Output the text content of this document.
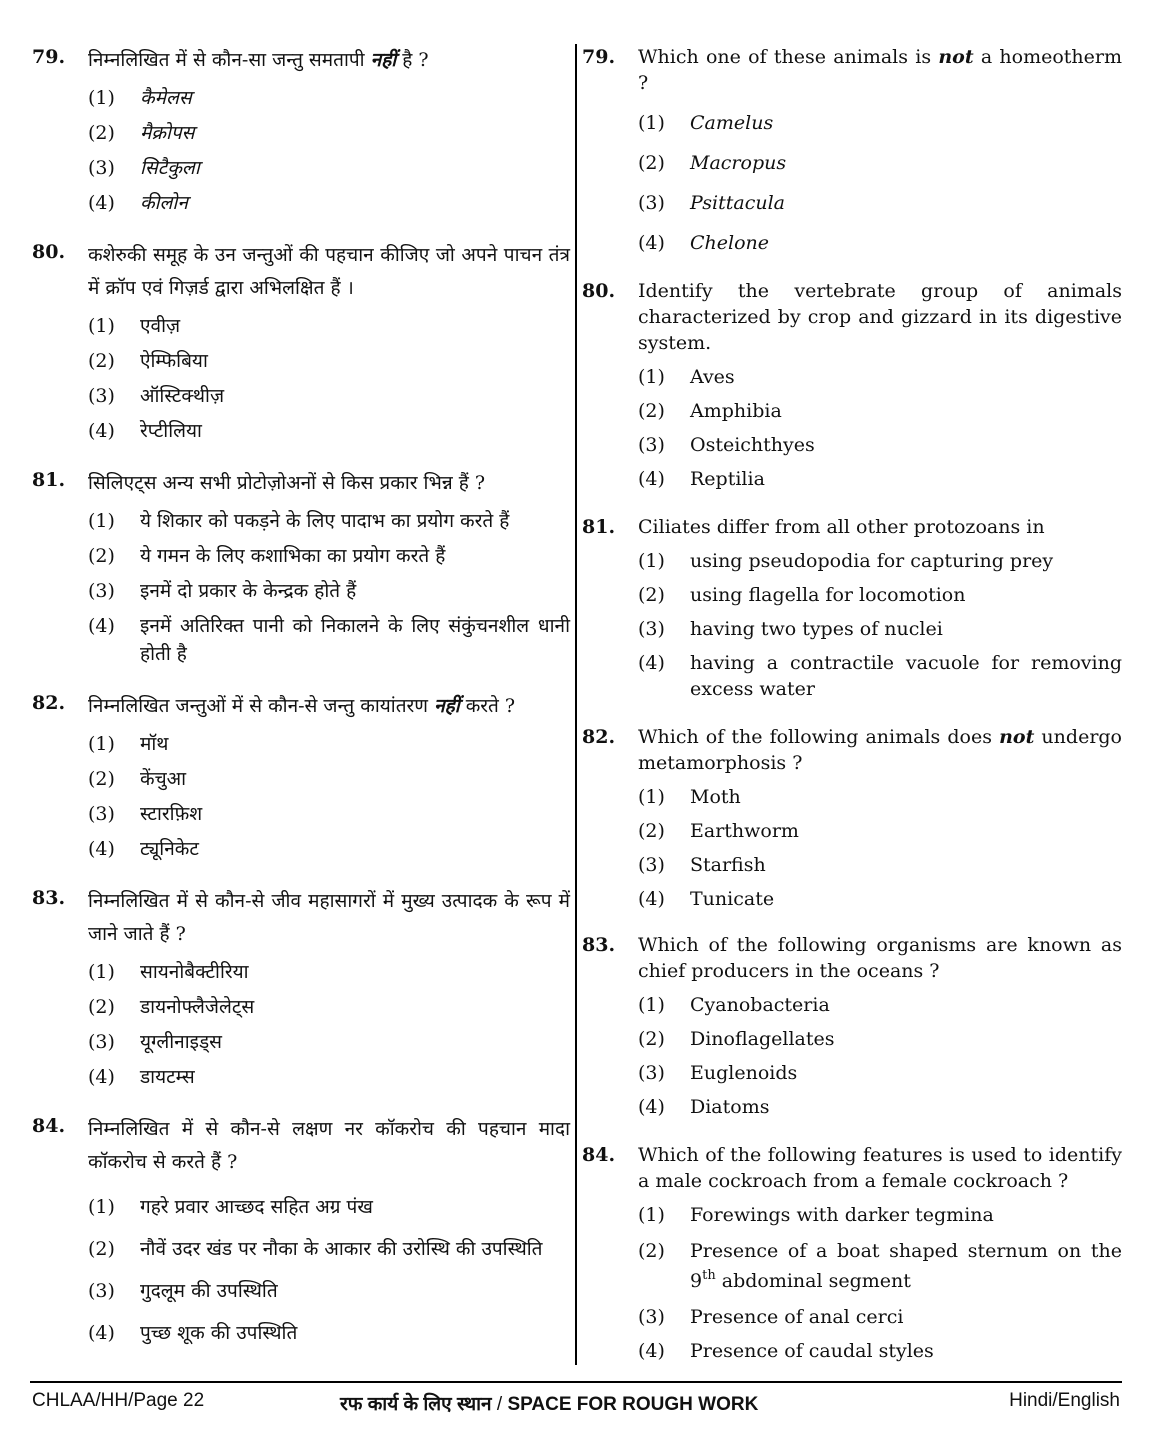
79.	निम्नलिखित में से कौन-सा जन्तु समतापी नहीं है ?
(1)	कैमेलस
(2)	मैक्रोपस
(3)	सिटैकुला
(4)	कीलोन
80.	कशेरुकी समूह के उन जन्तुओं की पहचान कीजिए जो अपने पाचन तंत्र में क्रॉप एवं गिज़र्ड द्वारा अभिलक्षित हैं ।
(1)	एवीज़
(2)	ऐम्फिबिया
(3)	ऑस्टिक्थीज़
(4)	रेप्टीलिया
81.	सिलिएट्स अन्य सभी प्रोटोज़ोअनों से किस प्रकार भिन्न हैं ?
(1)	ये शिकार को पकड़ने के लिए पादाभ का प्रयोग करते हैं
(2)	ये गमन के लिए कशाभिका का प्रयोग करते हैं
(3)	इनमें दो प्रकार के केन्द्रक होते हैं
(4)	इनमें अतिरिक्त पानी को निकालने के लिए संकुंचनशील धानी होती है
82.	निम्नलिखित जन्तुओं में से कौन-से जन्तु कायांतरण नहीं करते ?
(1)	मॉथ
(2)	केंचुआ
(3)	स्टारफ़िश
(4)	ट्यूनिकेट
83.	निम्नलिखित में से कौन-से जीव महासागरों में मुख्य उत्पादक के रूप में जाने जाते हैं ?
(1)	सायनोबैक्टीरिया
(2)	डायनोफ्लैजेलेट्स
(3)	यूग्लीनाइड्स
(4)	डायटम्स
84.	निम्नलिखित में से कौन-से लक्षण नर कॉकरोच की पहचान मादा कॉकरोच से करते हैं ?
(1)	गहरे प्रवार आच्छद सहित अग्र पंख
(2)	नौवें उदर खंड पर नौका के आकार की उरोस्थि की उपस्थिति
(3)	गुदलूम की उपस्थिति
(4)	पुच्छ शूक की उपस्थिति
79.	Which one of these animals is not a homeotherm ?
(1)	Camelus
(2)	Macropus
(3)	Psittacula
(4)	Chelone
80.	Identify the vertebrate group of animals characterized by crop and gizzard in its digestive system.
(1)	Aves
(2)	Amphibia
(3)	Osteichthyes
(4)	Reptilia
81.	Ciliates differ from all other protozoans in
(1)	using pseudopodia for capturing prey
(2)	using flagella for locomotion
(3)	having two types of nuclei
(4)	having a contractile vacuole for removing excess water
82.	Which of the following animals does not undergo metamorphosis ?
(1)	Moth
(2)	Earthworm
(3)	Starfish
(4)	Tunicate
83.	Which of the following organisms are known as chief producers in the oceans ?
(1)	Cyanobacteria
(2)	Dinoflagellates
(3)	Euglenoids
(4)	Diatoms
84.	Which of the following features is used to identify a male cockroach from a female cockroach ?
(1)	Forewings with darker tegmina
(2)	Presence of a boat shaped sternum on the 9th abdominal segment
(3)	Presence of anal cerci
(4)	Presence of caudal styles
CHLAA/HH/Page 22	रफ कार्य के लिए स्थान / SPACE FOR ROUGH WORK	Hindi/English
